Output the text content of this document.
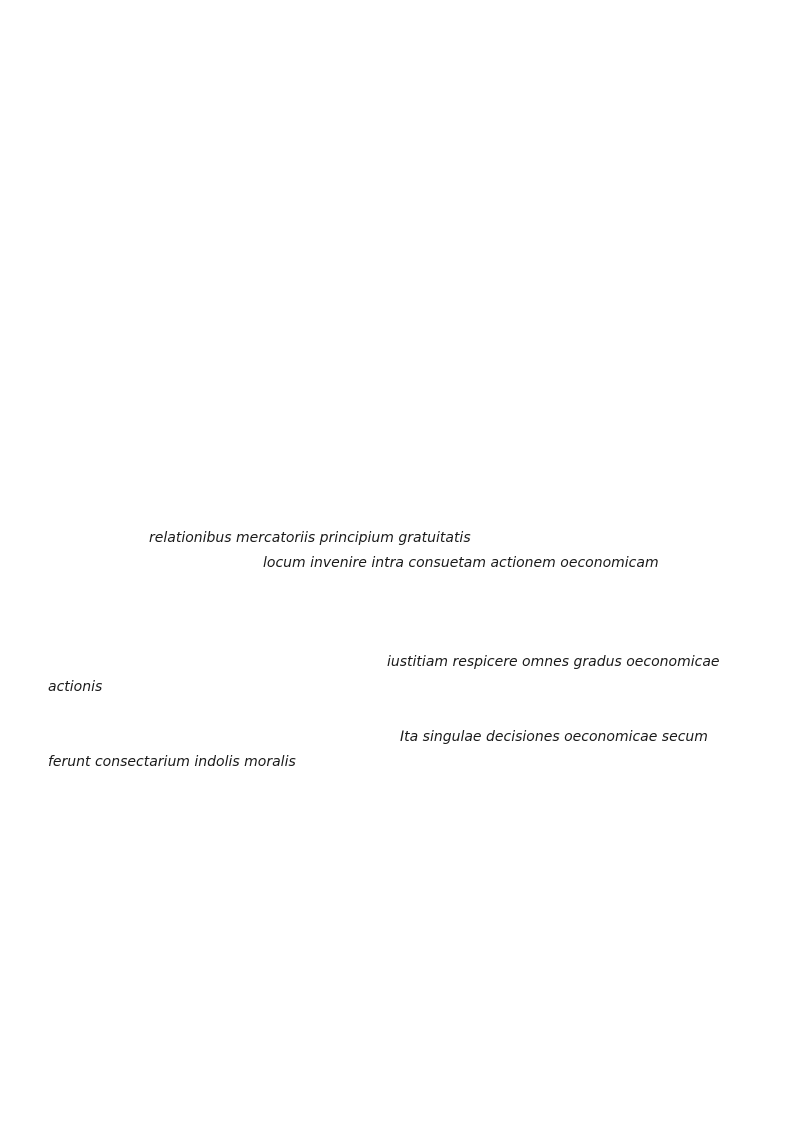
relationibus mercatoriis principium gratuitatis
locum invenire intra consuetam actionem oeconomicam
iustitiam respicere omnes gradus oeconomicae
actionis
Ita singulae decisiones oeconomicae secum
ferunt consectarium indolis moralis
